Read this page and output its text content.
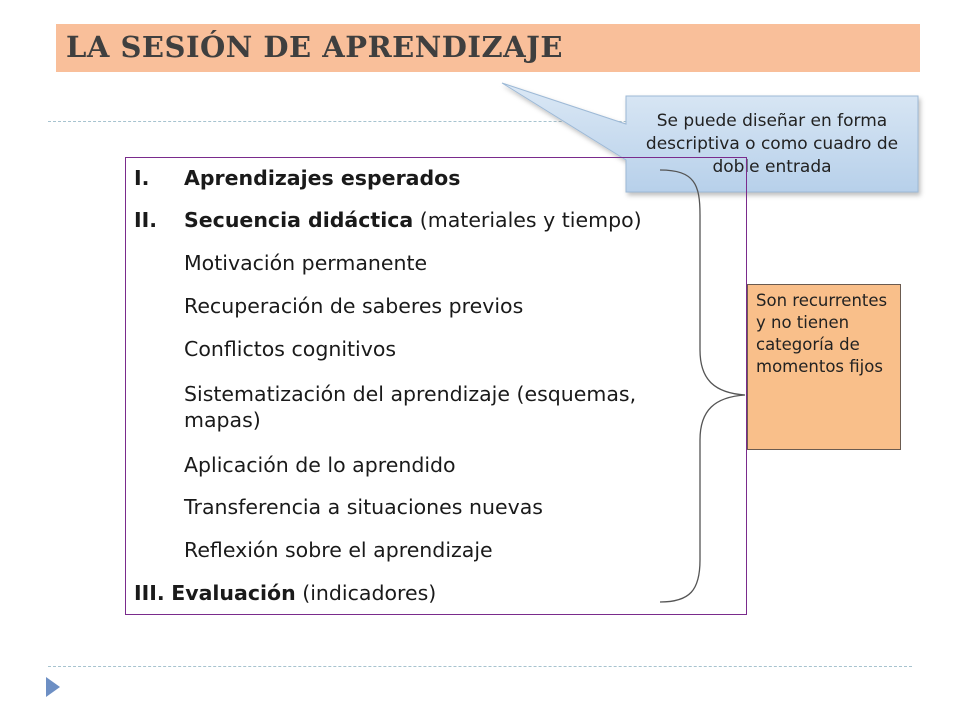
LA SESIÓN DE APRENDIZAJE
Se puede diseñar en forma descriptiva o como cuadro de doble entrada
I. Aprendizajes esperados
II. Secuencia didáctica (materiales y tiempo)
Motivación permanente
Recuperación de saberes previos
Conflictos cognitivos
Sistematización del aprendizaje (esquemas,
mapas)
Aplicación de lo aprendido
Transferencia a situaciones nuevas
Reflexión sobre el aprendizaje
III. Evaluación (indicadores)
Son recurrentes y no tienen categoría de momentos fijos
